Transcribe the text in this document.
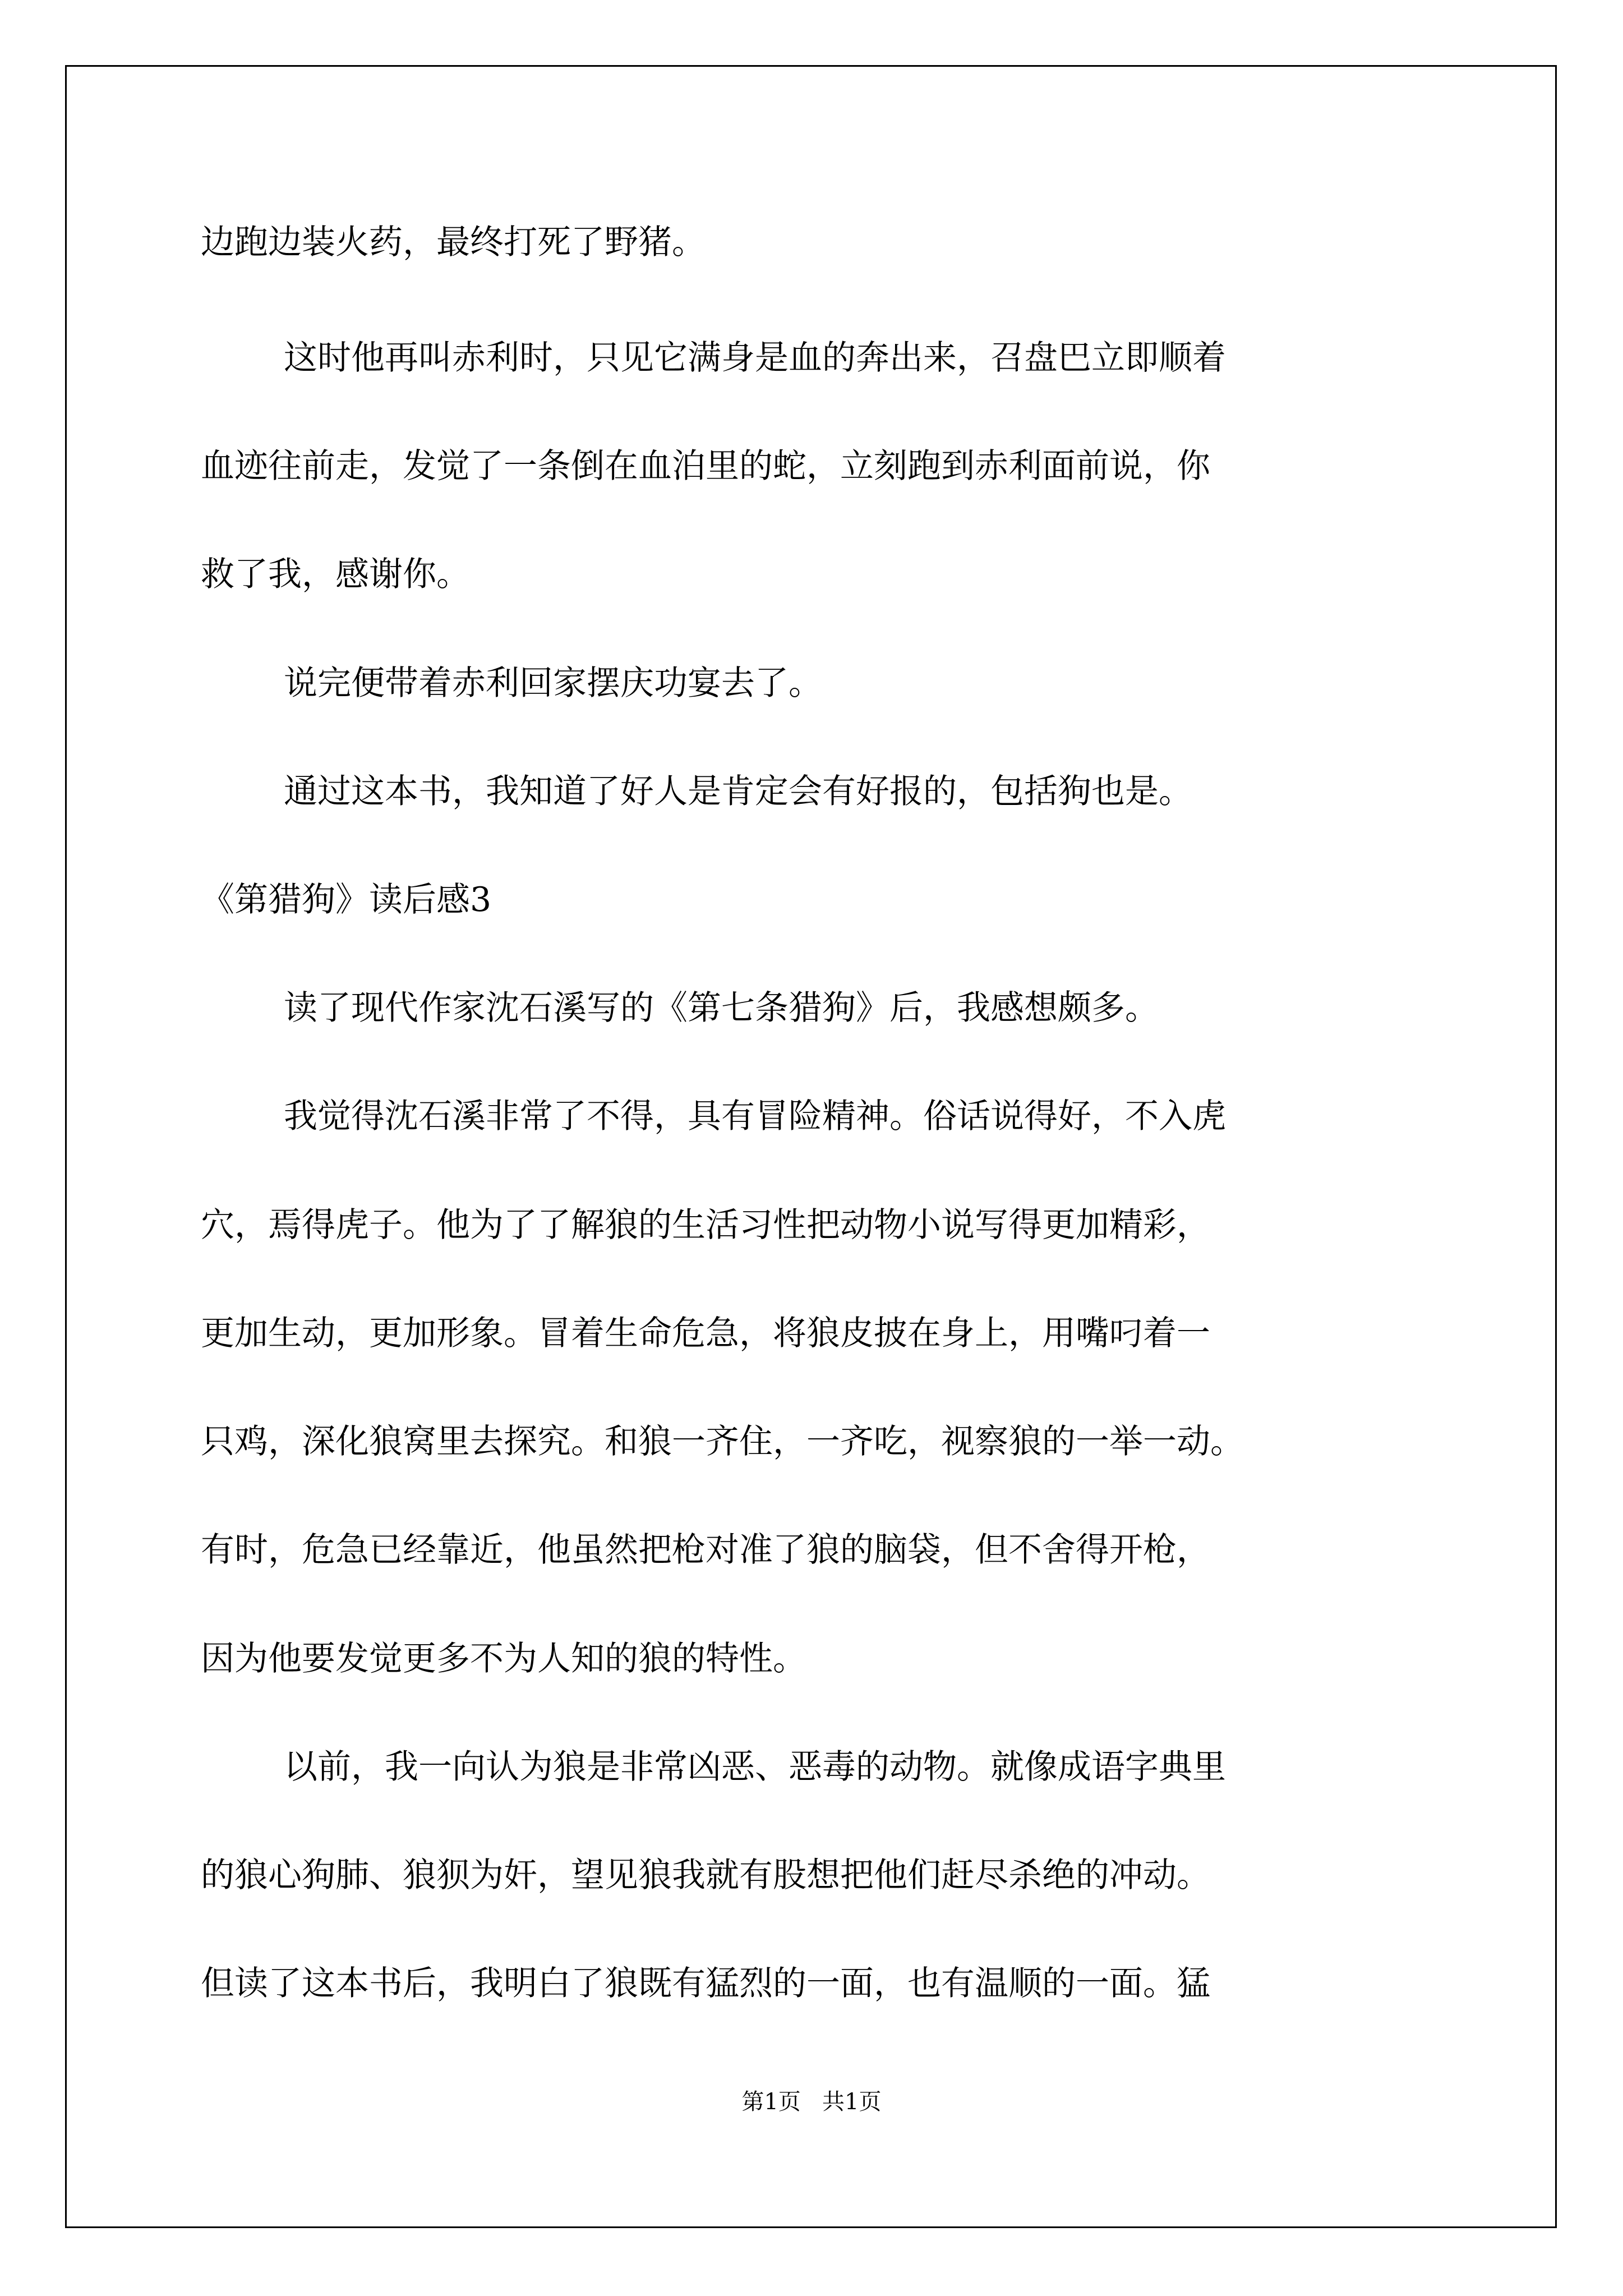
边跑边装火药，最终打死了野猪。
这时他再叫赤利时，只见它满身是血的奔出来，召盘巴立即顺着
血迹往前走，发觉了一条倒在血泊里的蛇，立刻跑到赤利面前说，你
救了我，感谢你。
说完便带着赤利回家摆庆功宴去了。
通过这本书，我知道了好人是肯定会有好报的，包括狗也是。
《第猎狗》读后感3
读了现代作家沈石溪写的《第七条猎狗》后，我感想颇多。
我觉得沈石溪非常了不得，具有冒险精神。俗话说得好，不入虎
穴，焉得虎子。他为了了解狼的生活习性把动物小说写得更加精彩，
更加生动，更加形象。冒着生命危急，将狼皮披在身上，用嘴叼着一
只鸡，深化狼窝里去探究。和狼一齐住，一齐吃，视察狼的一举一动。
有时，危急已经靠近，他虽然把枪对准了狼的脑袋，但不舍得开枪，
因为他要发觉更多不为人知的狼的特性。
以前，我一向认为狼是非常凶恶、恶毒的动物。就像成语字典里
的狼心狗肺、狼狈为奸，望见狼我就有股想把他们赶尽杀绝的冲动。
但读了这本书后，我明白了狼既有猛烈的一面，也有温顺的一面。猛
第1页   共1页
